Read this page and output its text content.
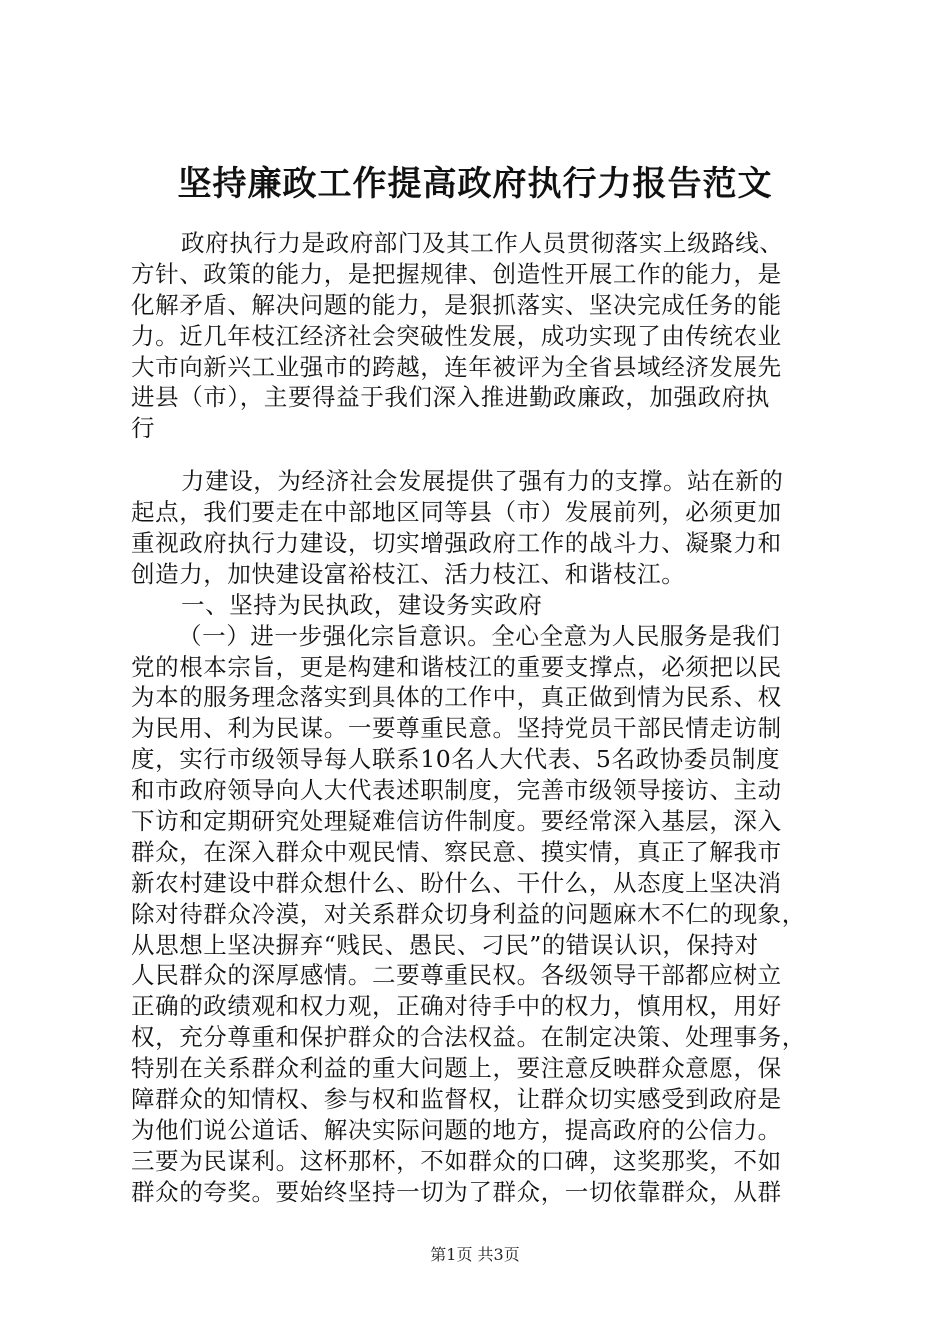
坚持廉政工作提高政府执行力报告范文
政府执行力是政府部门及其工作人员贯彻落实上级路线、
方针、政策的能力，是把握规律、创造性开展工作的能力，是
化解矛盾、解决问题的能力，是狠抓落实、坚决完成任务的能
力。近几年枝江经济社会突破性发展，成功实现了由传统农业
大市向新兴工业强市的跨越，连年被评为全省县域经济发展先
进县（市），主要得益于我们深入推进勤政廉政，加强政府执
行
力建设，为经济社会发展提供了强有力的支撑。站在新的
起点，我们要走在中部地区同等县（市）发展前列，必须更加
重视政府执行力建设，切实增强政府工作的战斗力、凝聚力和
创造力，加快建设富裕枝江、活力枝江、和谐枝江。
一、坚持为民执政，建设务实政府
（一）进一步强化宗旨意识。全心全意为人民服务是我们
党的根本宗旨，更是构建和谐枝江的重要支撑点，必须把以民
为本的服务理念落实到具体的工作中，真正做到情为民系、权
为民用、利为民谋。一要尊重民意。坚持党员干部民情走访制
度，实行市级领导每人联系10名人大代表、5名政协委员制度
和市政府领导向人大代表述职制度，完善市级领导接访、主动
下访和定期研究处理疑难信访件制度。要经常深入基层，深入
群众，在深入群众中观民情、察民意、摸实情，真正了解我市
新农村建设中群众想什么、盼什么、干什么，从态度上坚决消
除对待群众冷漠，对关系群众切身利益的问题麻木不仁的现象，
从思想上坚决摒弃“贱民、愚民、刁民”的错误认识，保持对
人民群众的深厚感情。二要尊重民权。各级领导干部都应树立
正确的政绩观和权力观，正确对待手中的权力，慎用权，用好
权，充分尊重和保护群众的合法权益。在制定决策、处理事务，
特别在关系群众利益的重大问题上，要注意反映群众意愿，保
障群众的知情权、参与权和监督权，让群众切实感受到政府是
为他们说公道话、解决实际问题的地方，提高政府的公信力。
三要为民谋利。这杯那杯，不如群众的口碑，这奖那奖，不如
群众的夸奖。要始终坚持一切为了群众，一切依靠群众，从群
第1页 共3页
